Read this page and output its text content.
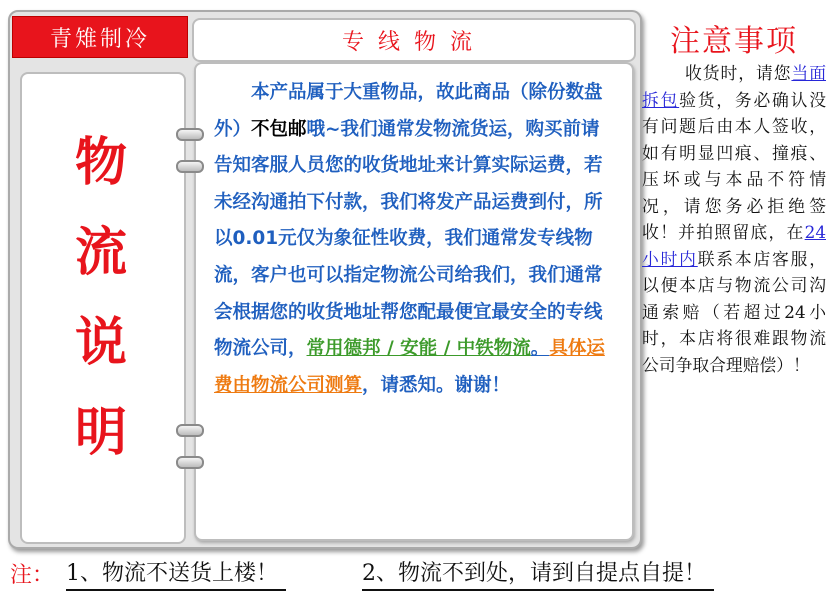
青雉制冷
物
流
说
明
专线物流
本产品属于大重物品，故此商品（除份数盘外）不包邮哦~我们通常发物流货运，购买前请告知客服人员您的收货地址来计算实际运费，若未经沟通拍下付款，我们将发产品运费到付，所以0.01元仅为象征性收费，我们通常发专线物流，客户也可以指定物流公司给我们，我们通常会根据您的收货地址帮您配最便宜最安全的专线物流公司，常用德邦 / 安能 / 中铁物流。具体运费由物流公司测算，请悉知。谢谢！
注意事项
收货时，请您当面拆包验货，务必确认没有问题后由本人签收，如有明显凹痕、撞痕、压坏或与本品不符情况，请您务必拒绝签收！并拍照留底，在24小时内联系本店客服，以便本店与物流公司沟通索赔（若超过24小时，本店将很难跟物流公司争取合理赔偿）！
注： 1、物流不送货上楼！	2、物流不到处，请到自提点自提！
